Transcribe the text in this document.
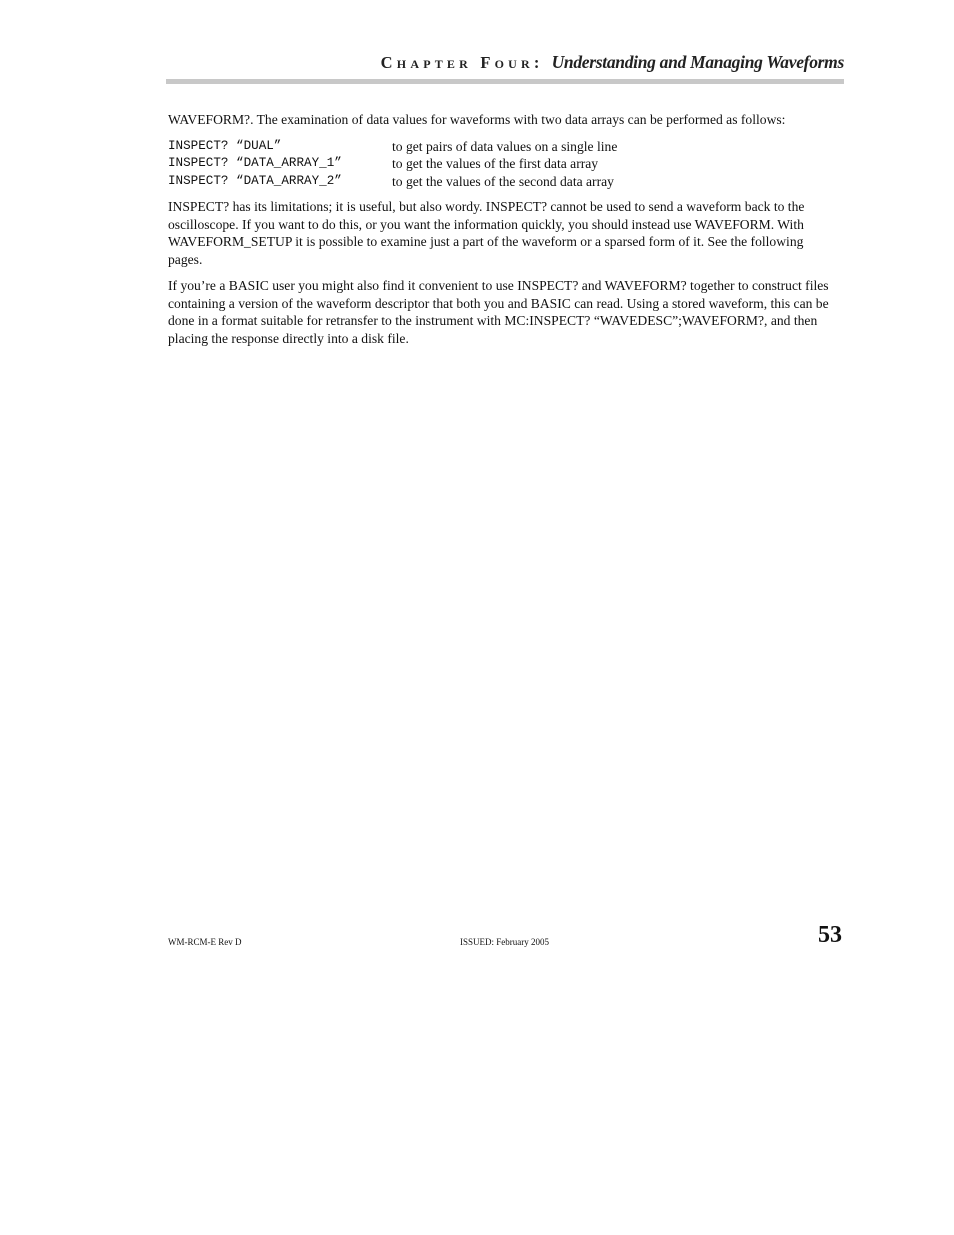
Chapter Four: Understanding and Managing Waveforms

WAVEFORM?. The examination of data values for waveforms with two data arrays can be performed as follows:

INSPECT? “DUAL”	to get pairs of data values on a single line
INSPECT? “DATA_ARRAY_1”	to get the values of the first data array
INSPECT? “DATA_ARRAY_2”	to get the values of the second data array

INSPECT? has its limitations; it is useful, but also wordy. INSPECT? cannot be used to send a waveform back to the oscilloscope. If you want to do this, or you want the information quickly, you should instead use WAVEFORM. With WAVEFORM_SETUP it is possible to examine just a part of the waveform or a sparsed form of it. See the following pages.

If you’re a BASIC user you might also find it convenient to use INSPECT? and WAVEFORM? together to construct files containing a version of the waveform descriptor that both you and BASIC can read. Using a stored waveform, this can be done in a format suitable for retransfer to the instrument with MC:INSPECT? “WAVEDESC”;WAVEFORM?, and then placing the response directly into a disk file.

WM-RCM-E Rev D	ISSUED: February 2005	53
